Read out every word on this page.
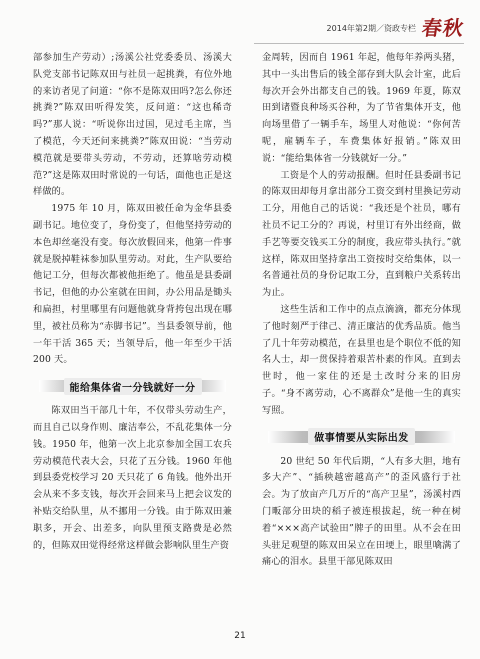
2014年第2期／资政专栏 春秋

部参加生产劳动）;汤溪公社党委委员、汤溪大队党支部书记陈双田与社员一起挑粪，有位外地的来访者见了问道：“你不是陈双田吗?怎么你还挑粪?”陈双田听得发笑，反问道：“这也稀奇吗?”那人说：“听说你出过国，见过毛主席，当了模范，今天还问来挑粪?”陈双田说：“当劳动模范就是要带头劳动，不劳动，还算啥劳动模范?”这是陈双田时常说的一句话，面他也正是这样做的。

1975 年 10 月，陈双田被任命为金华县委副书记。地位变了，身份变了，但他坚持劳动的本色却丝毫没有变。每次放假回来，他第一件事就是脱掉鞋袜参加队里劳动。对此，生产队要给他记工分，但每次都被他拒绝了。他虽是县委副书记，但他的办公室就在田间，办公用品是锄头和扁担，村里哪里有问题他就身背挎包出现在哪里，被社员称为“赤脚书记”。当县委领导前，他一年干活 365 天；当领导后，他一年至少干活 200 天。

能给集体省一分钱就好一分

陈双田当干部几十年，不仅带头劳动生产，而且自己以身作则、廉洁奉公，不乱花集体一分钱。1950 年，他第一次上北京参加全国工农兵劳动模范代表大会，只花了五分钱。1960 年他到县委党校学习 20 天只花了 6 角钱。他外出开会从来不多支钱，每次开会回来马上把会议发的补贴交给队里，从不挪用一分钱。由于陈双田兼职多，开会、出差多，向队里预支路费是必然的，但陈双田觉得经常这样做会影响队里生产资

金周转，因而自 1961 年起，他每年养两头猪，其中一头出售后的钱全部存到大队会计室，此后每次开会外出都支自己的钱。1969 年夏，陈双田到诸暨良种场买谷种，为了节省集体开支，他向场里借了一辆手车，场里人对他说：“你何苦呢，雇辆车子，车费集体好报销。”陈双田说：“能给集体省一分钱就好一分。”

工资是个人的劳动报酬。但时任县委副书记的陈双田却每月拿出部分工资交到村里换记劳动工分，用他自己的话说：“我还是个社员，哪有社员不记工分的？再说，村里订有外出经商，做手艺等要交钱买工分的制度，我应带头执行。”就这样，陈双田坚持拿出工资按时交给集体，以一名普通社员的身份记取工分，直到粮户关系转出为止。

这些生活和工作中的点点滴滴，都充分体现了他时刻严于律己、清正廉洁的优秀品质。他当了几十年劳动模范，在县里也是个职位不低的知名人士，却一贯保持着艰苦朴素的作风。直到去世时，他一家住的还是土改时分来的旧房子。“身不离劳动，心不离群众”是他一生的真实写照。

做事情要从实际出发

20 世纪 50 年代后期，“人有多大胆，地有多大产”、“插秧越密越高产”的歪风盛行于社会。为了放亩产几万斤的“高产卫星”，汤溪村西门畈部分田块的稻子被连根拔起，统一种在树着“×××高产试验田”牌子的田里。从不会在田头驻足观望的陈双田呆立在田埂上，眼里噙满了痛心的泪水。县里干部见陈双田

21
